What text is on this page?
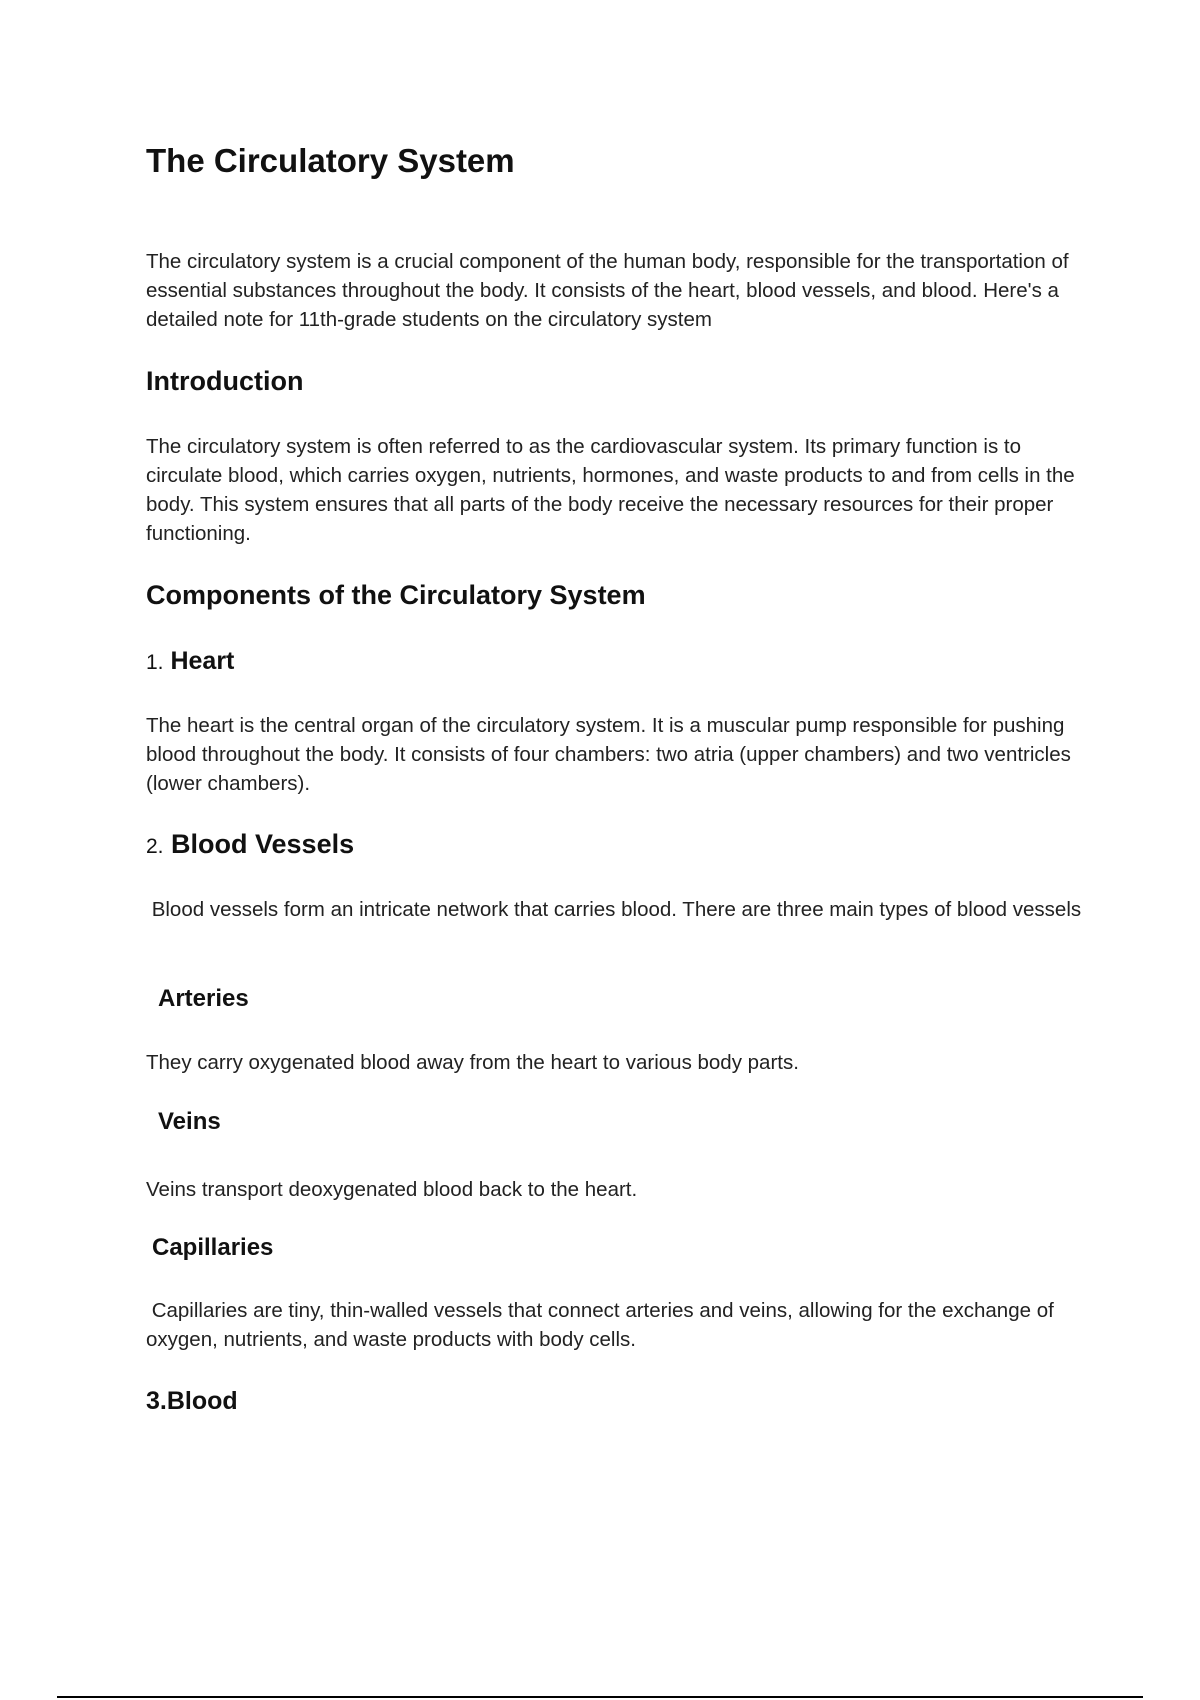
The Circulatory System

The circulatory system is a crucial component of the human body, responsible for the transportation of essential substances throughout the body. It consists of the heart, blood vessels, and blood. Here's a detailed note for 11th-grade students on the circulatory system

Introduction

The circulatory system is often referred to as the cardiovascular system. Its primary function is to circulate blood, which carries oxygen, nutrients, hormones, and waste products to and from cells in the body. This system ensures that all parts of the body receive the necessary resources for their proper functioning.

Components of the Circulatory System
1. Heart

The heart is the central organ of the circulatory system. It is a muscular pump responsible for pushing blood throughout the body. It consists of four chambers: two atria (upper chambers) and two ventricles (lower chambers).

2. Blood Vessels

Blood vessels form an intricate network that carries blood. There are three main types of blood vessels

Arteries

They carry oxygenated blood away from the heart to various body parts.

Veins

Veins transport deoxygenated blood back to the heart.

Capillaries

Capillaries are tiny, thin-walled vessels that connect arteries and veins, allowing for the exchange of oxygen, nutrients, and waste products with body cells.

3.Blood
